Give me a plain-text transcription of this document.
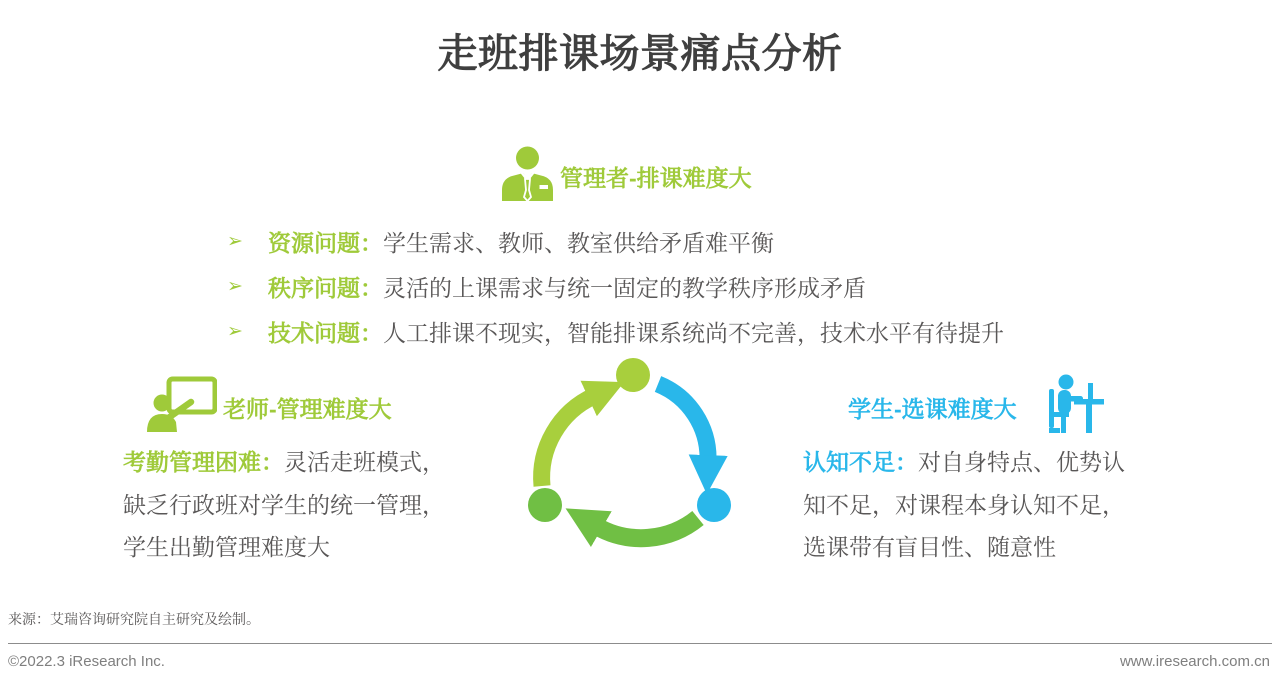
走班排课场景痛点分析
管理者-排课难度大
➢	资源问题： 学生需求、教师、教室供给矛盾难平衡
➢	秩序问题： 灵活的上课需求与统一固定的教学秩序形成矛盾
➢	技术问题： 人工排课不现实，智能排课系统尚不完善，技术水平有待提升
老师-管理难度大
考勤管理困难：灵活走班模式，
缺乏行政班对学生的统一管理，
学生出勤管理难度大
学生-选课难度大
认知不足：对自身特点、优势认
知不足，对课程本身认知不足，
选课带有盲目性、随意性
来源：艾瑞咨询研究院自主研究及绘制。
©2022.3 iResearch Inc.	www.iresearch.com.cn
